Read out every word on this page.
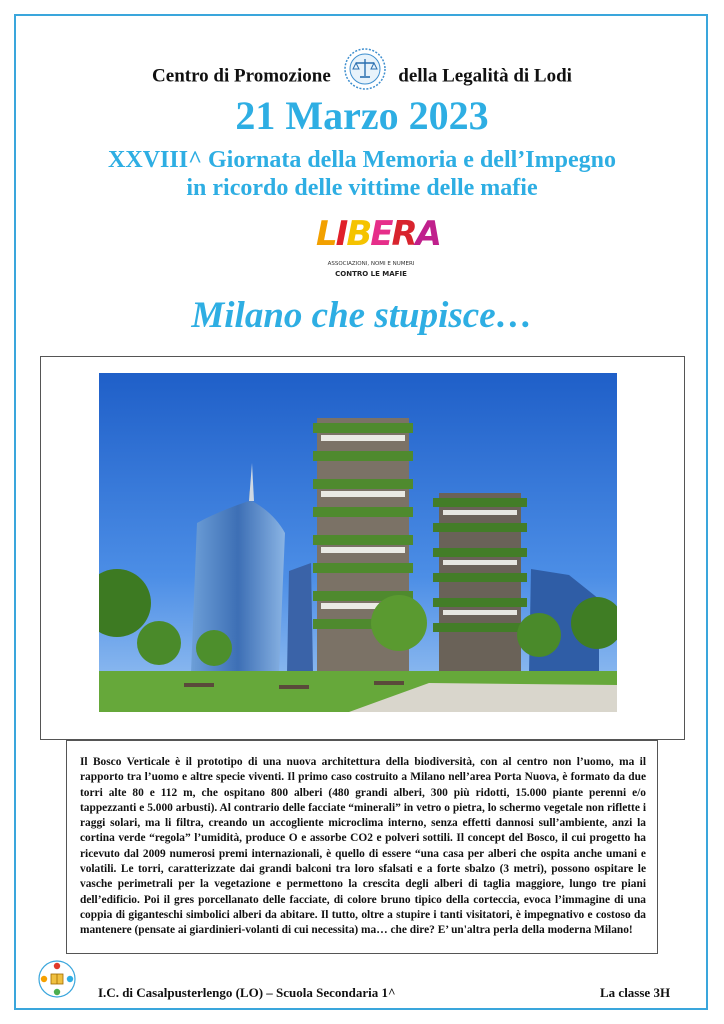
Centro di Promozione	della Legalità di Lodi
21 Marzo 2023
XXVIII^ Giornata della Memoria e dell’Impegno
in ricordo delle vittime delle mafie
LIBERA
ASSOCIAZIONI, NOMI E NUMERI
CONTRO LE MAFIE
Milano che stupisce…
Il Bosco Verticale è il prototipo di una nuova architettura della biodiversità, con al centro non l’uomo, ma il rapporto tra l’uomo e altre specie viventi. Il primo caso costruito a Milano nell’area Porta Nuova, è formato da due torri alte 80 e 112 m, che ospitano 800 alberi (480 grandi alberi, 300 più ridotti, 15.000 piante perenni e/o tappezzanti e 5.000 arbusti). Al contrario delle facciate “minerali” in vetro o pietra, lo schermo vegetale non riflette i raggi solari, ma li filtra, creando un accogliente microclima interno, senza effetti dannosi sull’ambiente, anzi la cortina verde “regola” l’umidità, produce O e assorbe CO2 e polveri sottili. Il concept del Bosco, il cui progetto ha ricevuto dal 2009 numerosi premi internazionali, è quello di essere “una casa per alberi che ospita anche umani e volatili. Le torri, caratterizzate dai grandi balconi tra loro sfalsati e a forte sbalzo (3 metri), possono ospitare le vasche perimetrali per la vegetazione e permettono la crescita degli alberi di taglia maggiore, lungo tre piani dell’edificio. Poi il gres porcellanato delle facciate, di colore bruno tipico della corteccia, evoca l’immagine di una coppia di giganteschi simbolici alberi da abitare. Il tutto, oltre a stupire i tanti visitatori, è impegnativo e costoso da mantenere (pensate ai giardinieri-volanti di cui necessita) ma… che dire? E’ un'altra perla della moderna Milano!
I.C. di Casalpusterlengo (LO) – Scuola Secondaria 1^	La classe 3H
